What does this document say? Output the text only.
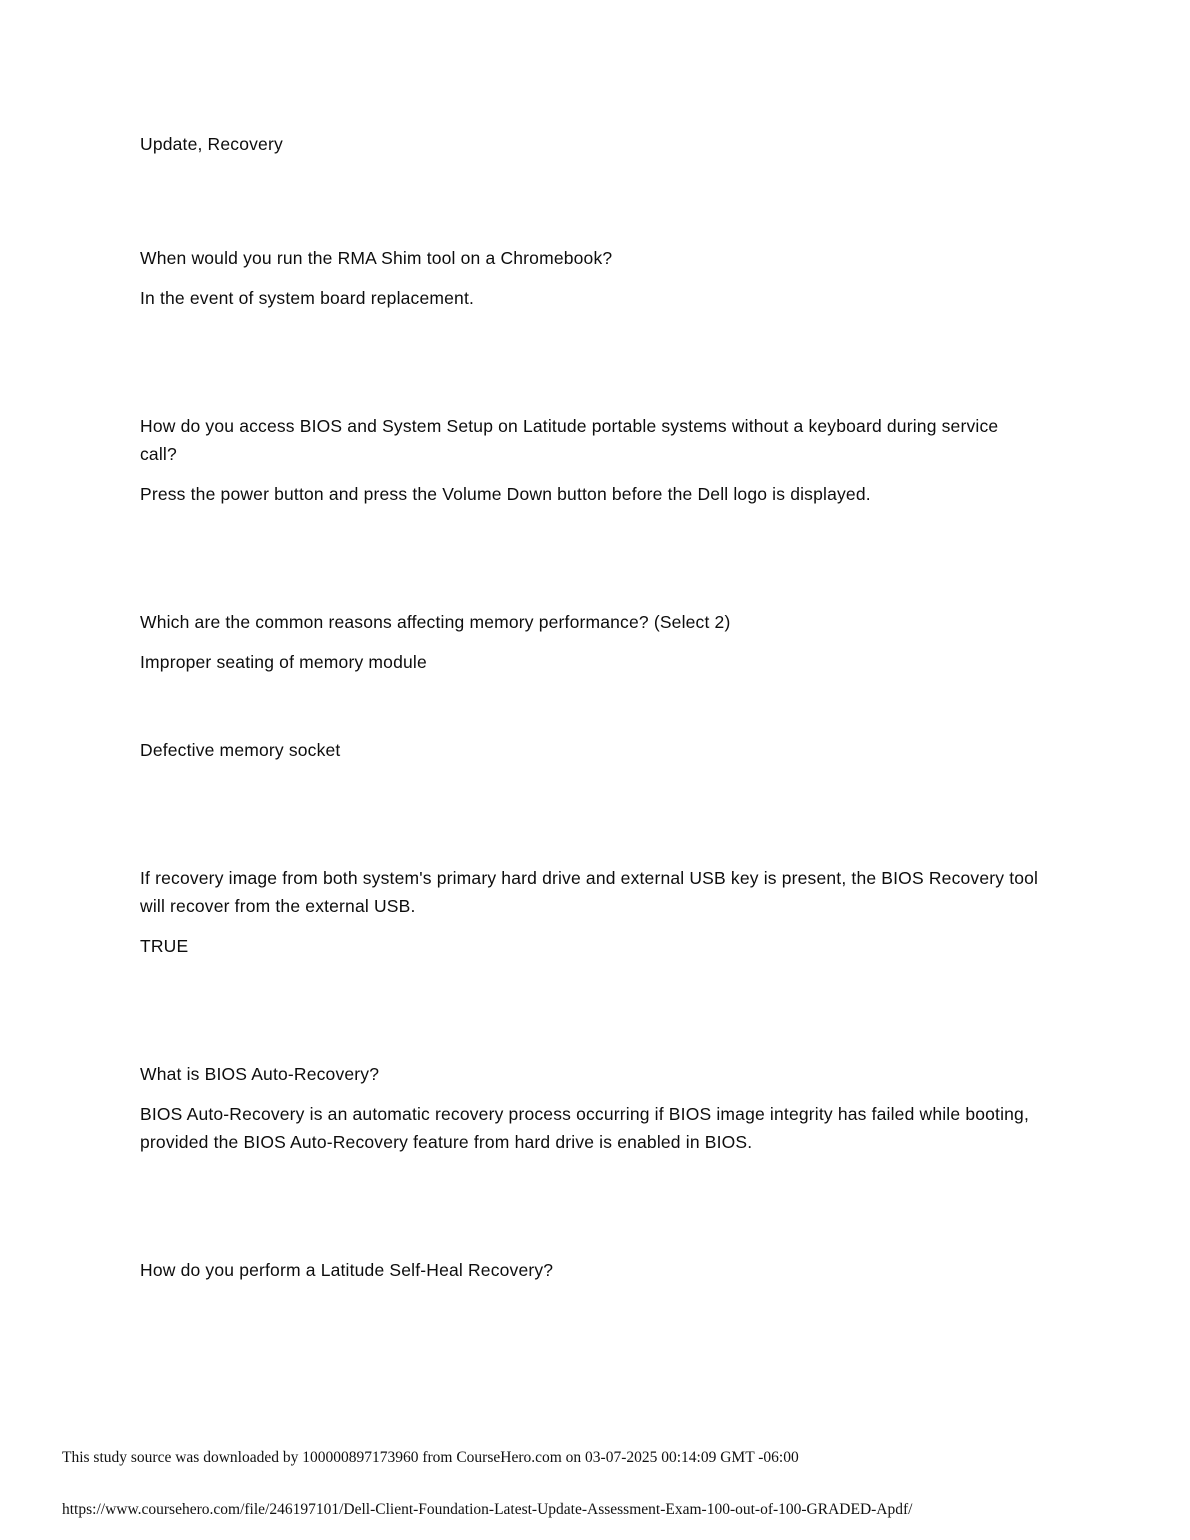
Update, Recovery
When would you run the RMA Shim tool on a Chromebook?
In the event of system board replacement.
How do you access BIOS and System Setup on Latitude portable systems without a keyboard during service call?
Press the power button and press the Volume Down button before the Dell logo is displayed.
Which are the common reasons affecting memory performance? (Select 2)
Improper seating of memory module
Defective memory socket
If recovery image from both system's primary hard drive and external USB key is present, the BIOS Recovery tool will recover from the external USB.
TRUE
What is BIOS Auto-Recovery?
BIOS Auto-Recovery is an automatic recovery process occurring if BIOS image integrity has failed while booting, provided the BIOS Auto-Recovery feature from hard drive is enabled in BIOS.
How do you perform a Latitude Self-Heal Recovery?
This study source was downloaded by 100000897173960 from CourseHero.com on 03-07-2025 00:14:09 GMT -06:00
https://www.coursehero.com/file/246197101/Dell-Client-Foundation-Latest-Update-Assessment-Exam-100-out-of-100-GRADED-Apdf/
